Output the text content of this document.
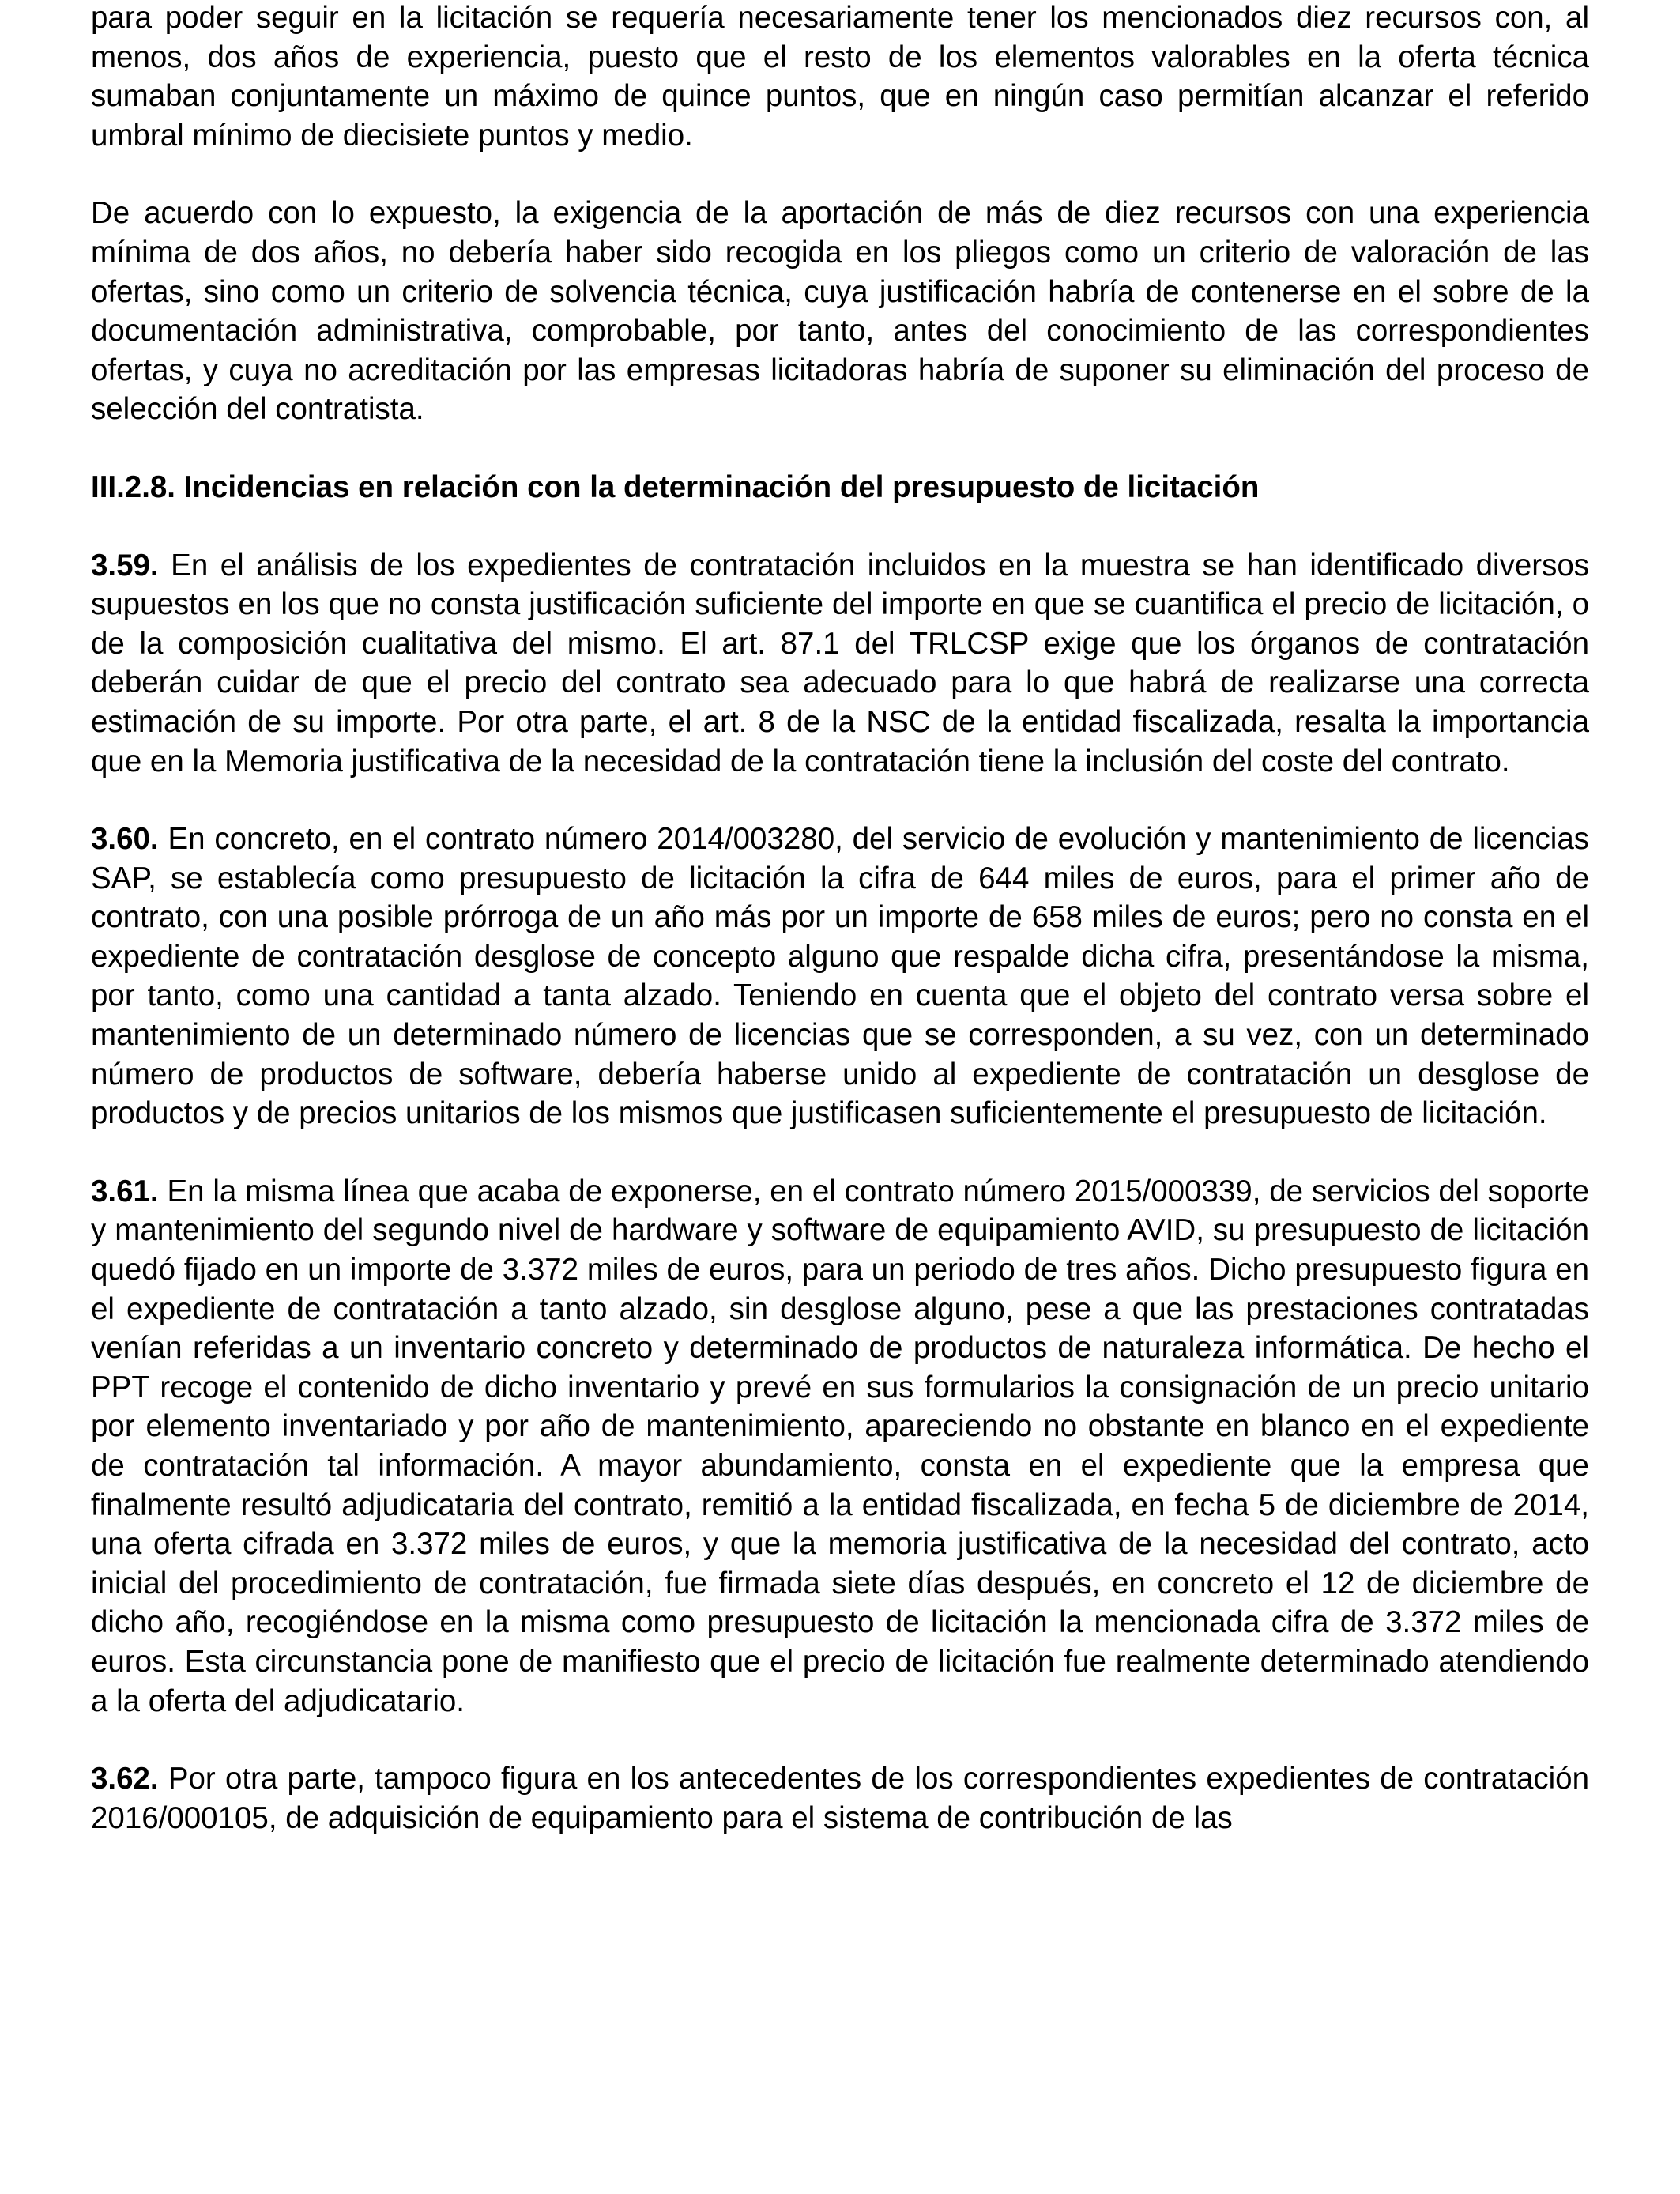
para poder seguir en la licitación se requería necesariamente tener los mencionados diez recursos con, al menos, dos años de experiencia, puesto que el resto de los elementos valorables en la oferta técnica sumaban conjuntamente un máximo de quince puntos, que en ningún caso permitían alcanzar el referido umbral mínimo de diecisiete puntos y medio.

De acuerdo con lo expuesto, la exigencia de la aportación de más de diez recursos con una experiencia mínima de dos años, no debería haber sido recogida en los pliegos como un criterio de valoración de las ofertas, sino como un criterio de solvencia técnica, cuya justificación habría de contenerse en el sobre de la documentación administrativa, comprobable, por tanto, antes del conocimiento de las correspondientes ofertas, y cuya no acreditación por las empresas licitadoras habría de suponer su eliminación del proceso de selección del contratista.

III.2.8. Incidencias en relación con la determinación del presupuesto de licitación

3.59. En el análisis de los expedientes de contratación incluidos en la muestra se han identificado diversos supuestos en los que no consta justificación suficiente del importe en que se cuantifica el precio de licitación, o de la composición cualitativa del mismo. El art. 87.1 del TRLCSP exige que los órganos de contratación deberán cuidar de que el precio del contrato sea adecuado para lo que habrá de realizarse una correcta estimación de su importe. Por otra parte, el art. 8 de la NSC de la entidad fiscalizada, resalta la importancia que en la Memoria justificativa de la necesidad de la contratación tiene la inclusión del coste del contrato.

3.60. En concreto, en el contrato número 2014/003280, del servicio de evolución y mantenimiento de licencias SAP, se establecía como presupuesto de licitación la cifra de 644 miles de euros, para el primer año de contrato, con una posible prórroga de un año más por un importe de 658 miles de euros; pero no consta en el expediente de contratación desglose de concepto alguno que respalde dicha cifra, presentándose la misma, por tanto, como una cantidad a tanta alzado. Teniendo en cuenta que el objeto del contrato versa sobre el mantenimiento de un determinado número de licencias que se corresponden, a su vez, con un determinado número de productos de software, debería haberse unido al expediente de contratación un desglose de productos y de precios unitarios de los mismos que justificasen suficientemente el presupuesto de licitación.

3.61. En la misma línea que acaba de exponerse, en el contrato número 2015/000339, de servicios del soporte y mantenimiento del segundo nivel de hardware y software de equipamiento AVID, su presupuesto de licitación quedó fijado en un importe de 3.372 miles de euros, para un periodo de tres años. Dicho presupuesto figura en el expediente de contratación a tanto alzado, sin desglose alguno, pese a que las prestaciones contratadas venían referidas a un inventario concreto y determinado de productos de naturaleza informática. De hecho el PPT recoge el contenido de dicho inventario y prevé en sus formularios la consignación de un precio unitario por elemento inventariado y por año de mantenimiento, apareciendo no obstante en blanco en el expediente de contratación tal información. A mayor abundamiento, consta en el expediente que la empresa que finalmente resultó adjudicataria del contrato, remitió a la entidad fiscalizada, en fecha 5 de diciembre de 2014, una oferta cifrada en 3.372 miles de euros, y que la memoria justificativa de la necesidad del contrato, acto inicial del procedimiento de contratación, fue firmada siete días después, en concreto el 12 de diciembre de dicho año, recogiéndose en la misma como presupuesto de licitación la mencionada cifra de 3.372 miles de euros. Esta circunstancia pone de manifiesto que el precio de licitación fue realmente determinado atendiendo a la oferta del adjudicatario.

3.62. Por otra parte, tampoco figura en los antecedentes de los correspondientes expedientes de contratación 2016/000105, de adquisición de equipamiento para el sistema de contribución de las
